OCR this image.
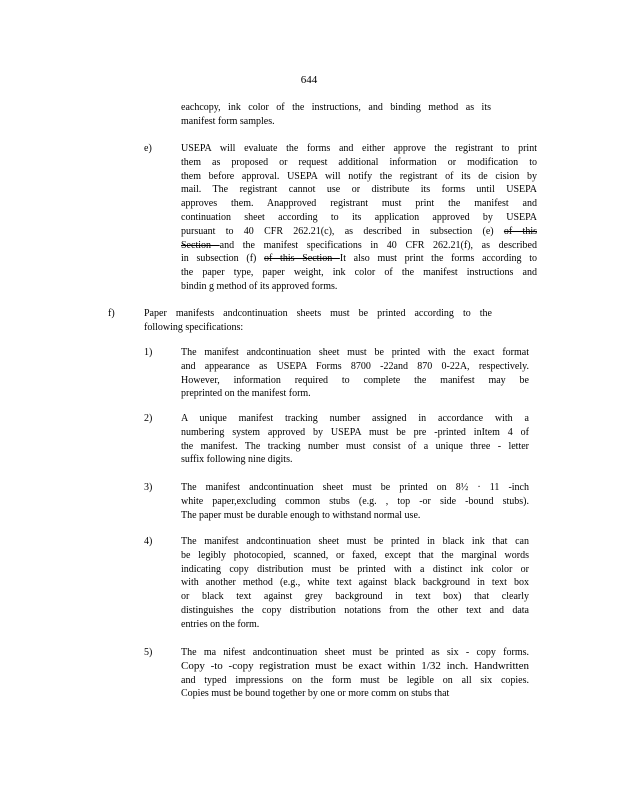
644
eachcopy, ink color of the instructions, and binding method as its
manifest form samples.
e)	USEPA will evaluate the forms and either approve the registrant to print
them as proposed or request additional information or modification to
them before approval. USEPA will notify the registrant of its de cision by
mail. The registrant cannot use or distribute its forms until USEPA
approves them. Anapproved registrant must print the manifest and
continuation sheet according to its application approved by USEPA
pursuant to 40 CFR 262.21(c), as described in subsection (e) of this
Section and the manifest specifications in 40 CFR 262.21(f), as described
in subsection (f) of this Section It also must print the forms according to
the paper type, paper weight, ink color of the manifest instructions and
bindin g method of its approved forms.
f)	Paper manifests andcontinuation sheets must be printed according to the
following specifications:
1)	The manifest andcontinuation sheet must be printed with the exact format
and appearance as USEPA Forms 8700 -22and 870 0-22A, respectively.
However, information required to complete the manifest may be
preprinted on the manifest form.
2)	A unique manifest tracking number assigned in accordance with a
numbering system approved by USEPA must be pre -printed inItem 4 of
the manifest. The tracking number must consist of a unique three - letter
suffix following nine digits.
3)	The manifest andcontinuation sheet must be printed on 8½ · 11 -inch
white paper,excluding common stubs (e.g. , top -or side -bound stubs).
The paper must be durable enough to withstand normal use.
4)	The manifest andcontinuation sheet must be printed in black ink that can
be legibly photocopied, scanned, or faxed, except that the marginal words
indicating copy distribution must be printed with a distinct ink color or
with another method (e.g., white text against black background in text box
or black text against grey background in text box) that clearly
distinguishes the copy distribution notations from the other text and data
entries on the form.
5)	The ma nifest andcontinuation sheet must be printed as six - copy forms.
Copy -to -copy registration must be exact within 1/32 inch. Handwritten
and typed impressions on the form must be legible on all six copies.
Copies must be bound together by one or more comm on stubs that
